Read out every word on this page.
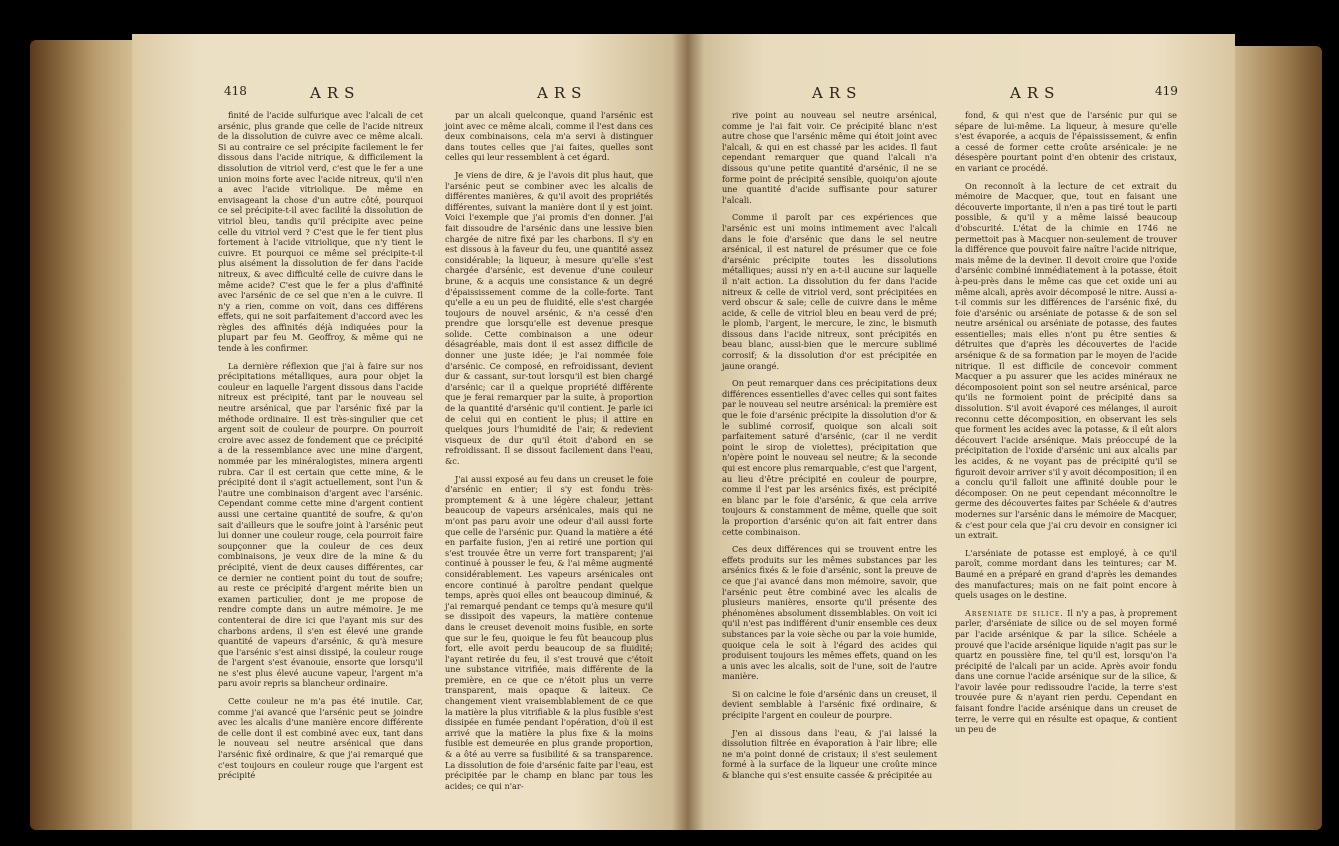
418	ARS	ARS

finité de l'acide sulfurique avec l'alcali de cet arsénic, plus grande que celle de l'acide nitreux de la dissolution de cuivre avec ce même alcali. Si au contraire ce sel précipite facilement le fer dissous dans l'acide nitrique, & difficilement la dissolution de vitriol verd, c'est que le fer a une union moins forte avec l'acide nitreux, qu'il n'en a avec l'acide vitriolique. De même en envisageant la chose d'un autre côté, pourquoi ce sel précipite-t-il avec facilité la dissolution de vitriol bleu, tandis qu'il précipite avec peine celle du vitriol verd ? C'est que le fer tient plus fortement à l'acide vitriolique, que n'y tient le cuivre. Et pourquoi ce même sel précipite-t-il plus aisément la dissolution de fer dans l'acide nitreux, & avec difficulté celle de cuivre dans le même acide? C'est que le fer a plus d'affinité avec l'arsénic de ce sel que n'en a le cuivre. Il n'y a rien, comme on voit, dans ces différens effets, qui ne soit parfaitement d'accord avec les règles des affinités déjà indiquées pour la plupart par feu M. Geoffroy, & même qui ne tende à les confirmer.

La dernière réflexion que j'ai à faire sur nos précipitations métalliques, aura pour objet la couleur en laquelle l'argent dissous dans l'acide nitreux est précipité, tant par le nouveau sel neutre arsénical, que par l'arsénic fixé par la méthode ordinaire. Il est très-singulier que cet argent soit de couleur de pourpre. On pourroit croire avec assez de fondement que ce précipité a de la ressemblance avec une mine d'argent, nommée par les minéralogistes, minera argenti rubra. Car il est certain que cette mine, & le précipité dont il s'agit actuellement, sont l'un & l'autre une combinaison d'argent avec l'arsénic. Cependant comme cette mine d'argent contient aussi une certaine quantité de soufre, & qu'on sait d'ailleurs que le soufre joint à l'arsénic peut lui donner une couleur rouge, cela pourroit faire soupçonner que la couleur de ces deux combinaisons, je veux dire de la mine & du précipité, vient de deux causes différentes, car ce dernier ne contient point du tout de soufre; au reste ce précipité d'argent mérite bien un examen particulier, dont je me propose de rendre compte dans un autre mémoire. Je me contenterai de dire ici que l'ayant mis sur des charbons ardens, il s'en est élevé une grande quantité de vapeurs d'arsénic, & qu'à mesure que l'arsénic s'est ainsi dissipé, la couleur rouge de l'argent s'est évanouie, ensorte que lorsqu'il ne s'est plus élevé aucune vapeur, l'argent m'a paru avoir repris sa blancheur ordinaire.

Cette couleur ne m'a pas été inutile. Car, comme j'ai avancé que l'arsénic peut se joindre avec les alcalis d'une manière encore différente de celle dont il est combiné avec eux, tant dans le nouveau sel neutre arsénical que dans l'arsénic fixé ordinaire, & que j'ai remarqué que c'est toujours en couleur rouge que l'argent est précipité

par un alcali quelconque, quand l'arsénic est joint avec ce même alcali, comme il l'est dans ces deux combinaisons, cela m'a servi à distinguer dans toutes celles que j'ai faites, quelles sont celles qui leur ressemblent à cet égard.

Je viens de dire, & je l'avois dit plus haut, que l'arsénic peut se combiner avec les alcalis de différentes manières, & qu'il avoit des propriétés différentes, suivant la manière dont il y est joint. Voici l'exemple que j'ai promis d'en donner. J'ai fait dissoudre de l'arsénic dans une lessive bien chargée de nitre fixé par les charbons. Il s'y en est dissous à la faveur du feu, une quantité assez considérable; la liqueur, à mesure qu'elle s'est chargée d'arsénic, est devenue d'une couleur brune, & a acquis une consistance & un degré d'épaississement comme de la colle-forte. Tant qu'elle a eu un peu de fluidité, elle s'est chargée toujours de nouvel arsénic, & n'a cessé d'en prendre que lorsqu'elle est devenue presque solide. Cette combinaison a une odeur désagréable, mais dont il est assez difficile de donner une juste idée; je l'ai nommée foie d'arsénic. Ce composé, en refroidissant, devient dur & cassant, sur-tout lorsqu'il est bien chargé d'arsénic; car il a quelque propriété différente que je ferai remarquer par la suite, à proportion de la quantité d'arsénic qu'il contient. Je parle ici de celui qui en contient le plus; il attire en quelques jours l'humidité de l'air, & redevient visqueux de dur qu'il étoit d'abord en se refroidissant. Il se dissout facilement dans l'eau, &c.

J'ai aussi exposé au feu dans un creuset le foie d'arsénic en entier; il s'y est fondu très-promptement & à une légère chaleur, jettant beaucoup de vapeurs arsénicales, mais qui ne m'ont pas paru avoir une odeur d'ail aussi forte que celle de l'arsénic pur. Quand la matière a été en parfaite fusion, j'en ai retiré une portion qui s'est trouvée être un verre fort transparent; j'ai continué à pousser le feu, & l'ai même augmenté considérablement. Les vapeurs arsénicales ont encore continué à paroître pendant quelque temps, après quoi elles ont beaucoup diminué, & j'ai remarqué pendant ce temps qu'à mesure qu'il se dissipoit des vapeurs, la matière contenue dans le creuset devenoit moins fusible, en sorte que sur le feu, quoique le feu fût beaucoup plus fort, elle avoit perdu beaucoup de sa fluidité; l'ayant retirée du feu, il s'est trouvé que c'étoit une substance vitrifiée, mais différente de la première, en ce que ce n'étoit plus un verre transparent, mais opaque & laiteux. Ce changement vient vraisemblablement de ce que la matière la plus vitrifiable & la plus fusible s'est dissipée en fumée pendant l'opération, d'où il est arrivé que la matière la plus fixe & la moins fusible est demeurée en plus grande proportion, & a ôté au verre sa fusibilité & sa transparence. La dissolution de foie d'arsénic faite par l'eau, est précipitée par le champ en blanc par tous les acides; ce qui n'ar-

ARS	ARS	419

rive point au nouveau sel neutre arsénical, comme je l'ai fait voir. Ce précipité blanc n'est autre chose que l'arsénic même qui étoit joint avec l'alcali, & qui en est chassé par les acides. Il faut cependant remarquer que quand l'alcali n'a dissous qu'une petite quantité d'arsénic, il ne se forme point de précipité sensible, quoiqu'on ajoute une quantité d'acide suffisante pour saturer l'alcali.

Comme il paroît par ces expériences que l'arsénic est uni moins intimement avec l'alcali dans le foie d'arsénic que dans le sel neutre arsénical, il est naturel de présumer que ce foie d'arsénic précipite toutes les dissolutions métalliques; aussi n'y en a-t-il aucune sur laquelle il n'ait action. La dissolution du fer dans l'acide nitreux & celle de vitriol verd, sont précipitées en verd obscur & sale; celle de cuivre dans le même acide, & celle de vitriol bleu en beau verd de pré; le plomb, l'argent, le mercure, le zinc, le bismuth dissous dans l'acide nitreux, sont précipités en beau blanc, aussi-bien que le mercure sublimé corrosif; & la dissolution d'or est précipitée en jaune orangé.

On peut remarquer dans ces précipitations deux différences essentielles d'avec celles qui sont faites par le nouveau sel neutre arsénical: la première est que le foie d'arsénic précipite la dissolution d'or & le sublimé corrosif, quoique son alcali soit parfaitement saturé d'arsénic, (car il ne verdit point le sirop de violettes), précipitation que n'opère point le nouveau sel neutre; & la seconde qui est encore plus remarquable, c'est que l'argent, au lieu d'être précipité en couleur de pourpre, comme il l'est par les arsénics fixés, est précipité en blanc par le foie d'arsénic, & que cela arrive toujours & constamment de même, quelle que soit la proportion d'arsénic qu'on ait fait entrer dans cette combinaison.

Ces deux différences qui se trouvent entre les effets produits sur les mêmes substances par les arsénics fixés & le foie d'arsénic, sont la preuve de ce que j'ai avancé dans mon mémoire, savoir, que l'arsénic peut être combiné avec les alcalis de plusieurs manières, ensorte qu'il présente des phénomènes absolument dissemblables. On voit ici qu'il n'est pas indifférent d'unir ensemble ces deux substances par la voie sèche ou par la voie humide, quoique cela le soit à l'égard des acides qui produisent toujours les mêmes effets, quand on les a unis avec les alcalis, soit de l'une, soit de l'autre manière.

Si on calcine le foie d'arsénic dans un creuset, il devient semblable à l'arsénic fixé ordinaire, & précipite l'argent en couleur de pourpre.

J'en ai dissous dans l'eau, & j'ai laissé la dissolution filtrée en évaporation à l'air libre; elle ne m'a point donné de cristaux; il s'est seulement formé à la surface de la liqueur une croûte mince & blanche qui s'est ensuite cassée & précipitée au

fond, & qui n'est que de l'arsénic pur qui se sépare de lui-même. La liqueur, à mesure qu'elle s'est évaporée, a acquis de l'épaississement, & enfin a cessé de former cette croûte arsénicale: je ne désespère pourtant point d'en obtenir des cristaux, en variant ce procédé.

On reconnoît à la lecture de cet extrait du mémoire de Macquer, que, tout en faisant une découverte importante, il n'en a pas tiré tout le parti possible, & qu'il y a même laissé beaucoup d'obscurité. L'état de la chimie en 1746 ne permettoit pas à Macquer non-seulement de trouver la différence que pouvoit faire naître l'acide nitrique, mais même de la deviner. Il devoit croire que l'oxide d'arsénic combiné immédiatement à la potasse, étoit à-peu-près dans le même cas que cet oxide uni au même alcali, après avoir décomposé le nitre. Aussi a-t-il commis sur les différences de l'arsénic fixé, du foie d'arsénic ou arséniate de potasse & de son sel neutre arsénical ou arséniate de potasse, des fautes essentielles; mais elles n'ont pu être senties & détruites que d'après les découvertes de l'acide arsénique & de sa formation par le moyen de l'acide nitrique. Il est difficile de concevoir comment Macquer a pu assurer que les acides minéraux ne décomposoient point son sel neutre arsénical, parce qu'ils ne formoient point de précipité dans sa dissolution. S'il avoit évaporé ces mélanges, il auroit reconnu cette décomposition, en observant les sels que forment les acides avec la potasse, & il eût alors découvert l'acide arsénique. Mais préoccupé de la précipitation de l'oxide d'arsénic uni aux alcalis par les acides, & ne voyant pas de précipité qu'il se figuroit devoir arriver s'il y avoit décomposition; il en a conclu qu'il falloit une affinité double pour le décomposer. On ne peut cependant méconnoître le germe des découvertes faites par Schéele & d'autres modernes sur l'arsénic dans le mémoire de Macquer, & c'est pour cela que j'ai cru devoir en consigner ici un extrait.

L'arséniate de potasse est employé, à ce qu'il paroît, comme mordant dans les teintures; car M. Baumé en a préparé en grand d'après les demandes des manufactures; mais on ne fait point encore à quels usages on le destine.

Arseniate de silice. Il n'y a pas, à proprement parler, d'arséniate de silice ou de sel moyen formé par l'acide arsénique & par la silice. Schéele a prouvé que l'acide arsénique liquide n'agit pas sur le quartz en poussière fine, tel qu'il est, lorsqu'on l'a précipité de l'alcali par un acide. Après avoir fondu dans une cornue l'acide arsénique sur de la silice, & l'avoir lavée pour redissoudre l'acide, la terre s'est trouvée pure & n'ayant rien perdu. Cependant en faisant fondre l'acide arsénique dans un creuset de terre, le verre qui en résulte est opaque, & contient un peu de
